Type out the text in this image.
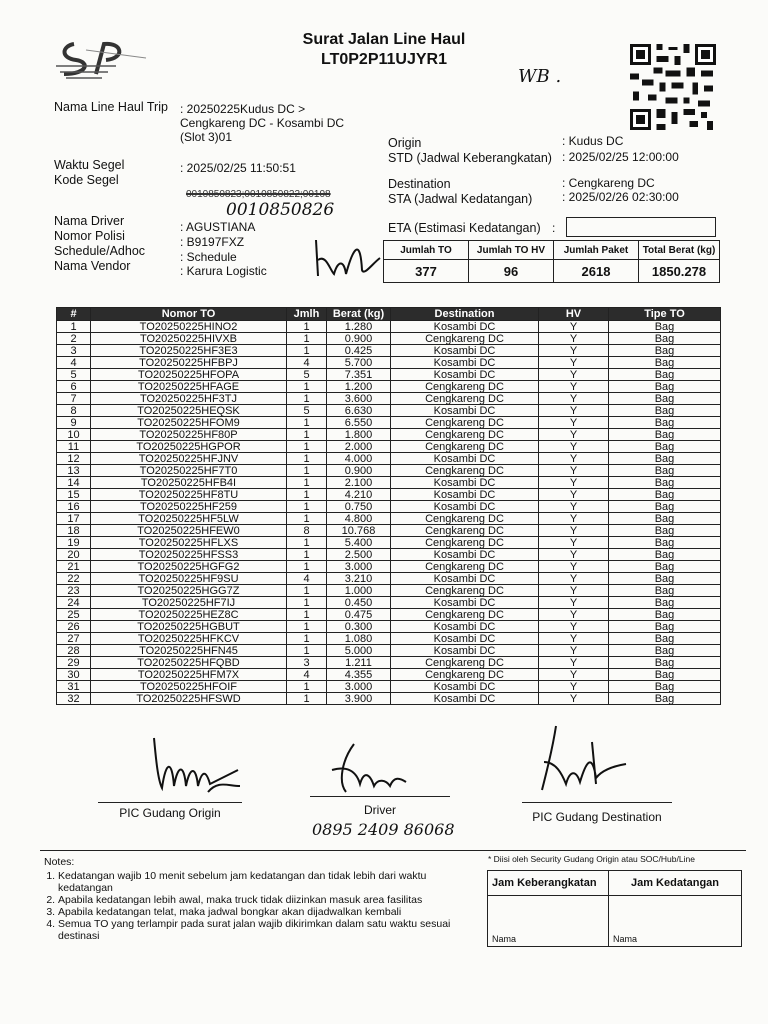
Surat Jalan Line Haul
LT0P2P11UJYR1
WB .
Nama Line Haul Trip : 20250225Kudus DC >
Cengkareng DC - Kosambi DC
(Slot 3)01
Waktu Segel	: 2025/02/25 11:50:51
Kode Segel
0010850823;0010850822;00108
0010850826
Nama Driver	: AGUSTIANA
Nomor Polisi	: B9197FXZ
Schedule/Adhoc	: Schedule
Nama Vendor	: Karura Logistic
Origin	: Kudus DC
STD (Jadwal Keberangkatan) : 2025/02/25 12:00:00
Destination	: Cengkareng DC
STA (Jadwal Kedatangan) : 2025/02/26 02:30:00
ETA (Estimasi Kedatangan) :
Jumlah TO	Jumlah TO HV	Jumlah Paket	Total Berat (kg)
377	96	2618	1850.278
#	Nomor TO	Jmlh	Berat (kg)	Destination	HV	Tipe TO
1	TO20250225HINO2	1	1.280	Kosambi DC	Y	Bag
2	TO20250225HIVXB	1	0.900	Cengkareng DC	Y	Bag
3	TO20250225HF3E3	1	0.425	Kosambi DC	Y	Bag
4	TO20250225HFBPJ	4	5.700	Kosambi DC	Y	Bag
5	TO20250225HFOPA	5	7.351	Kosambi DC	Y	Bag
6	TO20250225HFAGE	1	1.200	Cengkareng DC	Y	Bag
7	TO20250225HF3TJ	1	3.600	Cengkareng DC	Y	Bag
8	TO20250225HEQSK	5	6.630	Kosambi DC	Y	Bag
9	TO20250225HFOM9	1	6.550	Cengkareng DC	Y	Bag
10	TO20250225HF80P	1	1.800	Cengkareng DC	Y	Bag
11	TO20250225HGPOR	1	2.000	Cengkareng DC	Y	Bag
12	TO20250225HFJNV	1	4.000	Kosambi DC	Y	Bag
13	TO20250225HF7T0	1	0.900	Cengkareng DC	Y	Bag
14	TO20250225HFB4I	1	2.100	Kosambi DC	Y	Bag
15	TO20250225HF8TU	1	4.210	Kosambi DC	Y	Bag
16	TO20250225HF259	1	0.750	Kosambi DC	Y	Bag
17	TO20250225HF5LW	1	4.800	Cengkareng DC	Y	Bag
18	TO20250225HFEW0	8	10.768	Cengkareng DC	Y	Bag
19	TO20250225HFLXS	1	5.400	Cengkareng DC	Y	Bag
20	TO20250225HFSS3	1	2.500	Kosambi DC	Y	Bag
21	TO20250225HGFG2	1	3.000	Cengkareng DC	Y	Bag
22	TO20250225HF9SU	4	3.210	Kosambi DC	Y	Bag
23	TO20250225HGG7Z	1	1.000	Cengkareng DC	Y	Bag
24	TO20250225HF7IJ	1	0.450	Kosambi DC	Y	Bag
25	TO20250225HEZ8C	1	0.475	Cengkareng DC	Y	Bag
26	TO20250225HGBUT	1	0.300	Kosambi DC	Y	Bag
27	TO20250225HFKCV	1	1.080	Kosambi DC	Y	Bag
28	TO20250225HFN45	1	5.000	Kosambi DC	Y	Bag
29	TO20250225HFQBD	3	1.211	Cengkareng DC	Y	Bag
30	TO20250225HFM7X	4	4.355	Cengkareng DC	Y	Bag
31	TO20250225HFOIF	1	3.000	Kosambi DC	Y	Bag
32	TO20250225HFSWD	1	3.900	Kosambi DC	Y	Bag
PIC Gudang Origin	Driver	PIC Gudang Destination
0895 2409 86068
Notes:
1. Kedatangan wajib 10 menit sebelum jam kedatangan dan tidak lebih dari waktu kedatangan
2. Apabila kedatangan lebih awal, maka truck tidak diizinkan masuk area fasilitas
3. Apabila kedatangan telat, maka jadwal bongkar akan dijadwalkan kembali
4. Semua TO yang terlampir pada surat jalan wajib dikirimkan dalam satu waktu sesuai destinasi
* Diisi oleh Security Gudang Origin atau SOC/Hub/Line
Jam Keberangkatan	Jam Kedatangan
Nama	Nama
